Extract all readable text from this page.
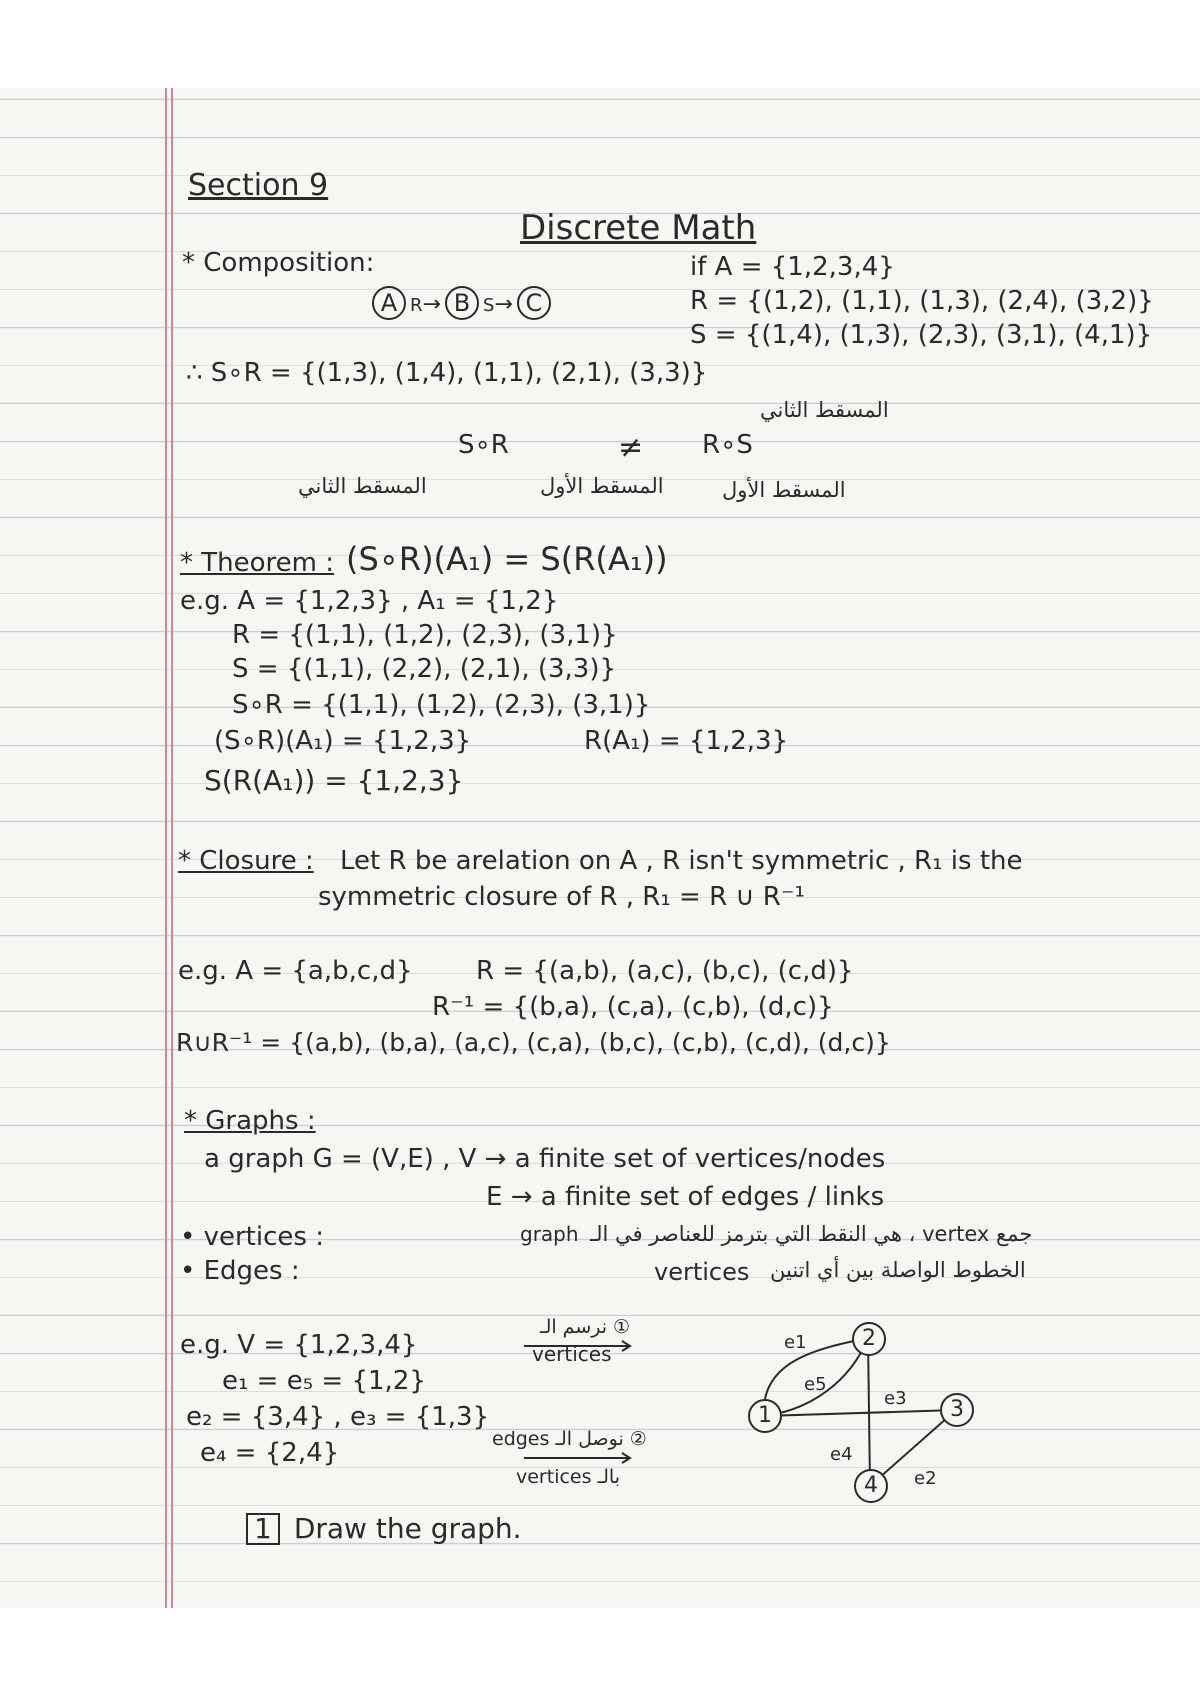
Section 9
Discrete Math
* Composition:
A R→ B S→ C
if A = {1,2,3,4}
R = {(1,2), (1,1), (1,3), (2,4), (3,2)}
S = {(1,4), (1,3), (2,3), (3,1), (4,1)}
∴ S∘R = {(1,3), (1,4), (1,1), (2,1), (3,3)}
المسقط الثاني
S∘R	≠ R∘S
المسقط الثاني	المسقط الأول	المسقط الأول
* Theorem : (S∘R)(A₁) = S(R(A₁))
e.g. A = {1,2,3} , A₁ = {1,2}
R = {(1,1), (1,2), (2,3), (3,1)}
S = {(1,1), (2,2), (2,1), (3,3)}
S∘R = {(1,1), (1,2), (2,3), (3,1)}
(S∘R)(A₁) = {1,2,3}	R(A₁) = {1,2,3}
S(R(A₁)) = {1,2,3}
* Closure : Let R be arelation on A , R isn't symmetric , R₁ is the
symmetric closure of R , R₁ = R ∪ R⁻¹
e.g. A = {a,b,c,d} R = {(a,b), (a,c), (b,c), (c,d)}
R⁻¹ = {(b,a), (c,a), (c,b), (d,c)}
R∪R⁻¹ = {(a,b), (b,a), (a,c), (c,a), (b,c), (c,b), (c,d), (d,c)}
* Graphs :
a graph G = (V,E) , V → a finite set of vertices/nodes
E → a finite set of edges / links
• vertices :	graph جمع vertex ، هي النقط التي بترمز للعناصر في الـ
• Edges :	vertices الخطوط الواصلة بين أي اتنين
e.g. V = {1,2,3,4}
e₁ = e₅ = {1,2}
e₂ = {3,4} , e₃ = {1,3}
e₄ = {2,4}
① نرسم الـ
vertices
② نوصل الـ edges
vertices بالـ
1 Draw the graph.
1
2
3
4
e1
e5
e3
e4
e2
